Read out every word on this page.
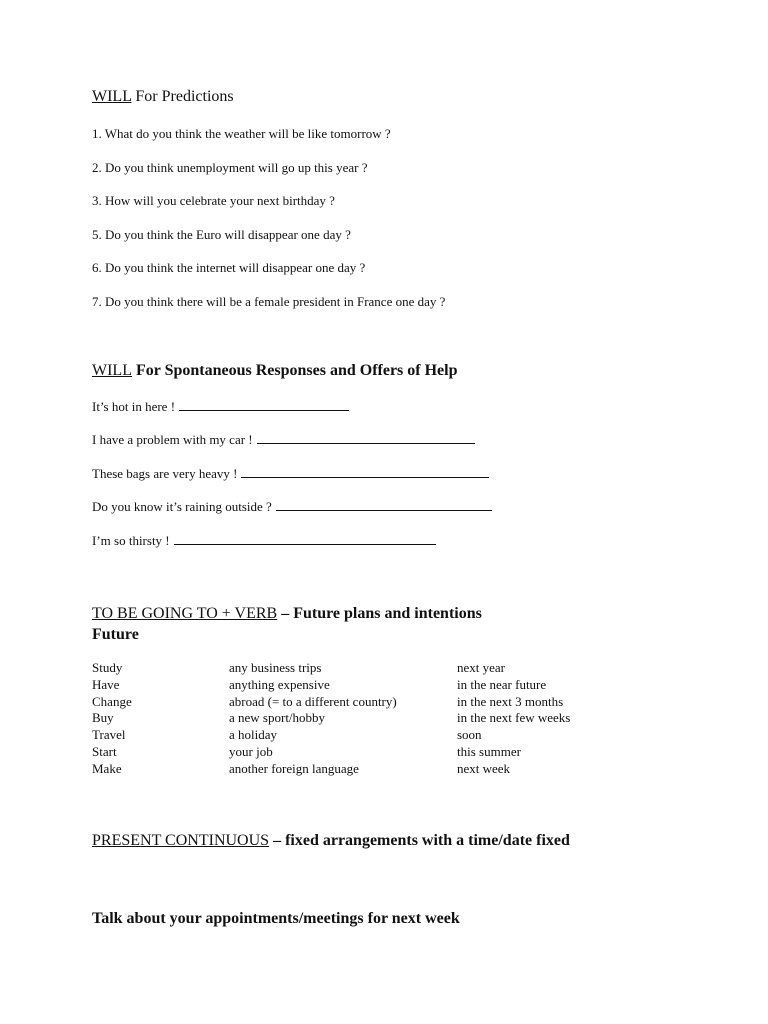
WILL For Predictions
1. What do you think the weather will be like tomorrow ?
2. Do you think unemployment will go up this year ?
3. How will you celebrate your next birthday ?
5. Do you think the Euro will disappear one day ?
6. Do you think the internet will disappear one day ?
7. Do you think there will be a female president in France one day ?
WILL For Spontaneous Responses and Offers of Help
It’s hot in here !
I have a problem with my car !
These bags are very heavy !
Do you know it’s raining outside ?
I’m so thirsty !
TO BE GOING TO + VERB – Future plans and intentions
Future
Study
Have
Change
Buy
Travel
Start
Make
any business trips
anything expensive
abroad (= to a different country)
a new sport/hobby
a holiday
your job
another foreign language
next year
in the near future
in the next 3 months
in the next few weeks
soon
this summer
next week
PRESENT CONTINUOUS – fixed arrangements with a time/date fixed
Talk about your appointments/meetings for next week
